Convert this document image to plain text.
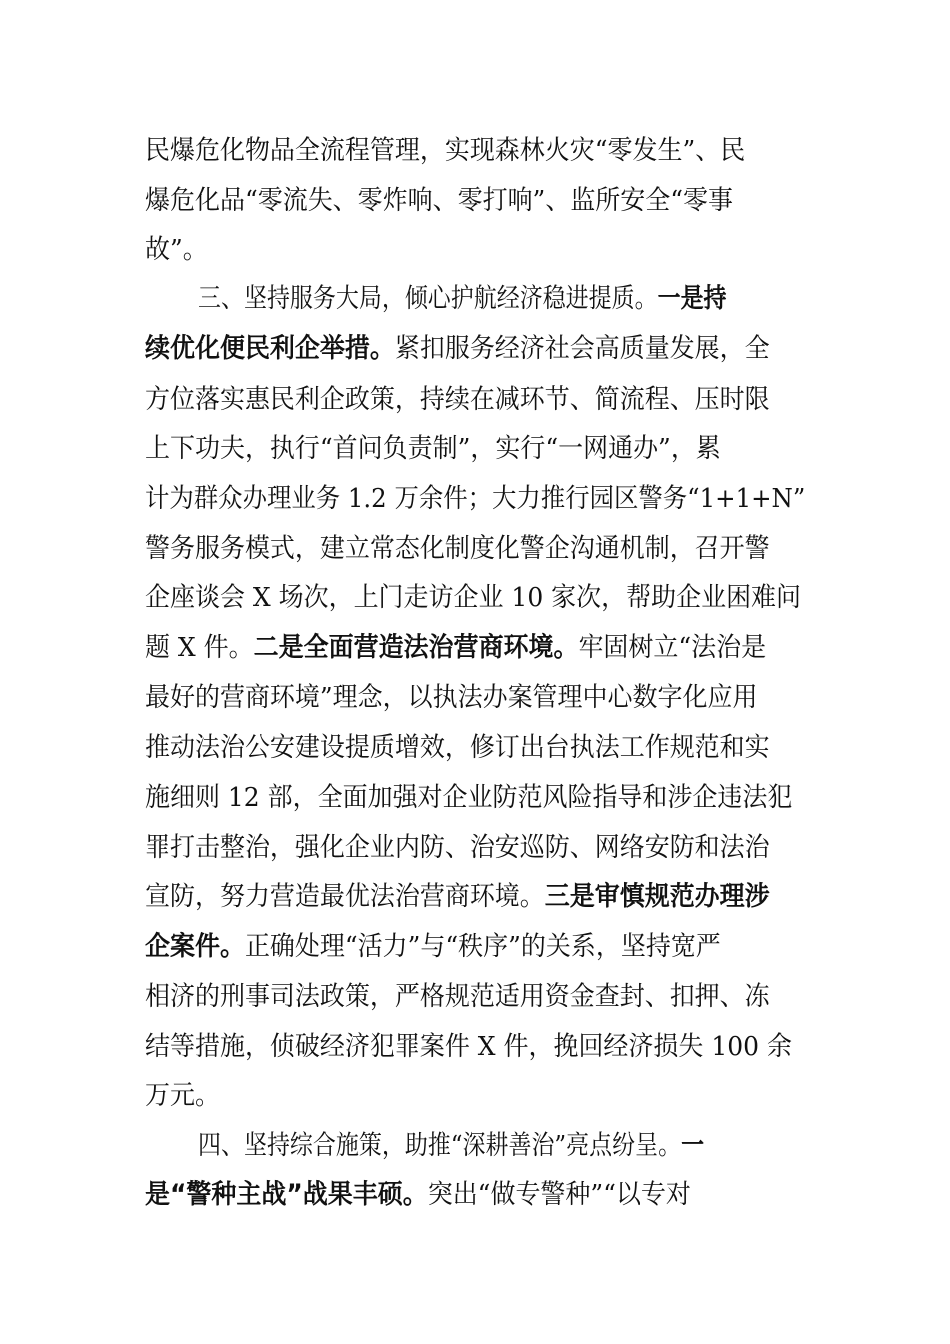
民爆危化物品全流程管理，实现森林火灾“零发生”、民
爆危化品“零流失、零炸响、零打响”、监所安全“零事
故”。
三、坚持服务大局，倾心护航经济稳进提质。一是持
续优化便民利企举措。紧扣服务经济社会高质量发展，全
方位落实惠民利企政策，持续在减环节、简流程、压时限
上下功夫，执行“首问负责制”，实行“一网通办”，累
计为群众办理业务 1.2 万余件；大力推行园区警务“1+1+N”
警务服务模式，建立常态化制度化警企沟通机制，召开警
企座谈会 X 场次，上门走访企业 10 家次，帮助企业困难问
题 X 件。二是全面营造法治营商环境。牢固树立“法治是
最好的营商环境”理念，以执法办案管理中心数字化应用
推动法治公安建设提质增效，修订出台执法工作规范和实
施细则 12 部，全面加强对企业防范风险指导和涉企违法犯
罪打击整治，强化企业内防、治安巡防、网络安防和法治
宣防，努力营造最优法治营商环境。三是审慎规范办理涉
企案件。正确处理“活力”与“秩序”的关系，坚持宽严
相济的刑事司法政策，严格规范适用资金查封、扣押、冻
结等措施，侦破经济犯罪案件 X 件，挽回经济损失 100 余
万元。
四、坚持综合施策，助推“深耕善治”亮点纷呈。一
是“警种主战”战果丰硕。突出“做专警种”“以专对
